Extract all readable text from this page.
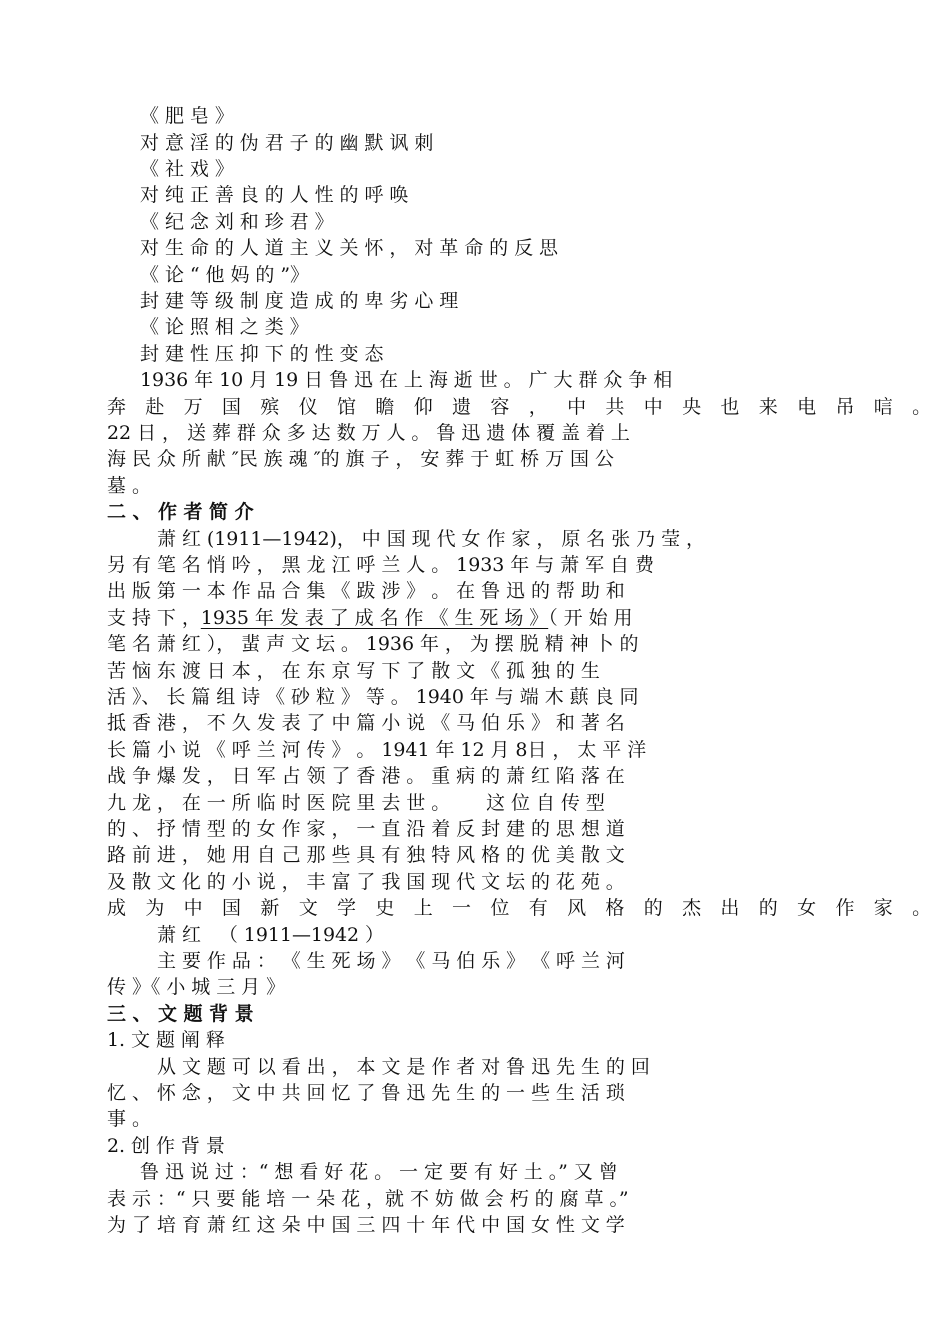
《 肥 皂 》
对 意 淫 的 伪 君 子 的 幽 默 讽 刺
《 社 戏 》
对 纯 正 善 良 的 人 性 的 呼 唤
《 纪 念 刘 和 珍 君 》
对 生 命 的 人 道 主 义 关 怀 ， 对 革 命 的 反 思
《 论 “ 他 妈 的 ”》
封 建 等 级 制 度 造 成 的 卑 劣 心 理
《 论 照 相 之 类 》
封 建 性 压 抑 下 的 性 变 态
1936 年 10 月 19 日 鲁 迅 在 上 海 逝 世 。 广 大 群 众 争 相
奔 赴 万 国 殡 仪 馆 瞻 仰 遗 容 ， 中 共 中 央 也 来 电 吊 唁 。
22 日 ， 送 葬 群 众 多 达 数 万 人 。 鲁 迅 遗 体 覆 盖 着 上
海 民 众 所 献 ″民 族 魂 ″的 旗 子 ， 安 葬 于 虹 桥 万 国 公
墓 。
二 、 作 者 简 介
萧 红 (1911—1942)， 中 国 现 代 女 作 家 ， 原 名 张 乃 莹 ，
另 有 笔 名 悄 吟 ， 黑 龙 江 呼 兰 人 。 1933 年 与 萧 军 自 费
出 版 第 一 本 作 品 合 集 《 跋 涉 》 。 在 鲁 迅 的 帮 助 和
支 持 下 ，1935 年 发 表 了 成 名 作 《 生 死 场 》（ 开 始 用
笔 名 萧 红 ）， 蜚 声 文 坛 。 1936 年 ， 为 摆 脱 精 神 卜 的
苦 恼 东 渡 日 本 ， 在 东 京 写 下 了 散 文 《 孤 独 的 生
活 》、 长 篇 组 诗 《 砂 粒 》 等 。 1940 年 与 端 木 蕻 良 同
抵 香 港 ， 不 久 发 表 了 中 篇 小 说 《 马 伯 乐 》 和 著 名
长 篇 小 说 《 呼 兰 河 传 》 。 1941 年 12 月 8日 ， 太 平 洋
战 争 爆 发 ， 日 军 占 领 了 香 港 。 重 病 的 萧 红 陷 落 在
九 龙 ， 在 一 所 临 时 医 院 里 去 世 。      这 位 自 传 型
的 、 抒 情 型 的 女 作 家 ， 一 直 沿 着 反 封 建 的 思 想 道
路 前 进 ， 她 用 自 己 那 些 具 有 独 特 风 格 的 优 美 散 文
及 散 文 化 的 小 说 ， 丰 富 了 我 国 现 代 文 坛 的 花 苑 。
成 为 中 国 新 文 学 史 上 一 位 有 风 格 的 杰 出 的 女 作 家 。
萧 红   （ 1911—1942 ）
主 要 作 品 ： 《 生 死 场 》 《 马 伯 乐 》 《 呼 兰 河
传 》《 小 城 三 月 》
三 、 文 题 背 景
1. 文 题 阐 释
从 文 题 可 以 看 出 ， 本 文 是 作 者 对 鲁 迅 先 生 的 回
忆 、 怀 念 ， 文 中 共 回 忆 了 鲁 迅 先 生 的 一 些 生 活 琐
事 。
2. 创 作 背 景
鲁 迅 说 过 ：“ 想 看 好 花 。 一 定 要 有 好 土 。” 又 曾
表 示 ：“ 只 要 能 培 一 朵 花 ，就 不 妨 做 会 朽 的 腐 草 。”
为 了 培 育 萧 红 这 朵 中 国 三 四 十 年 代 中 国 女 性 文 学
